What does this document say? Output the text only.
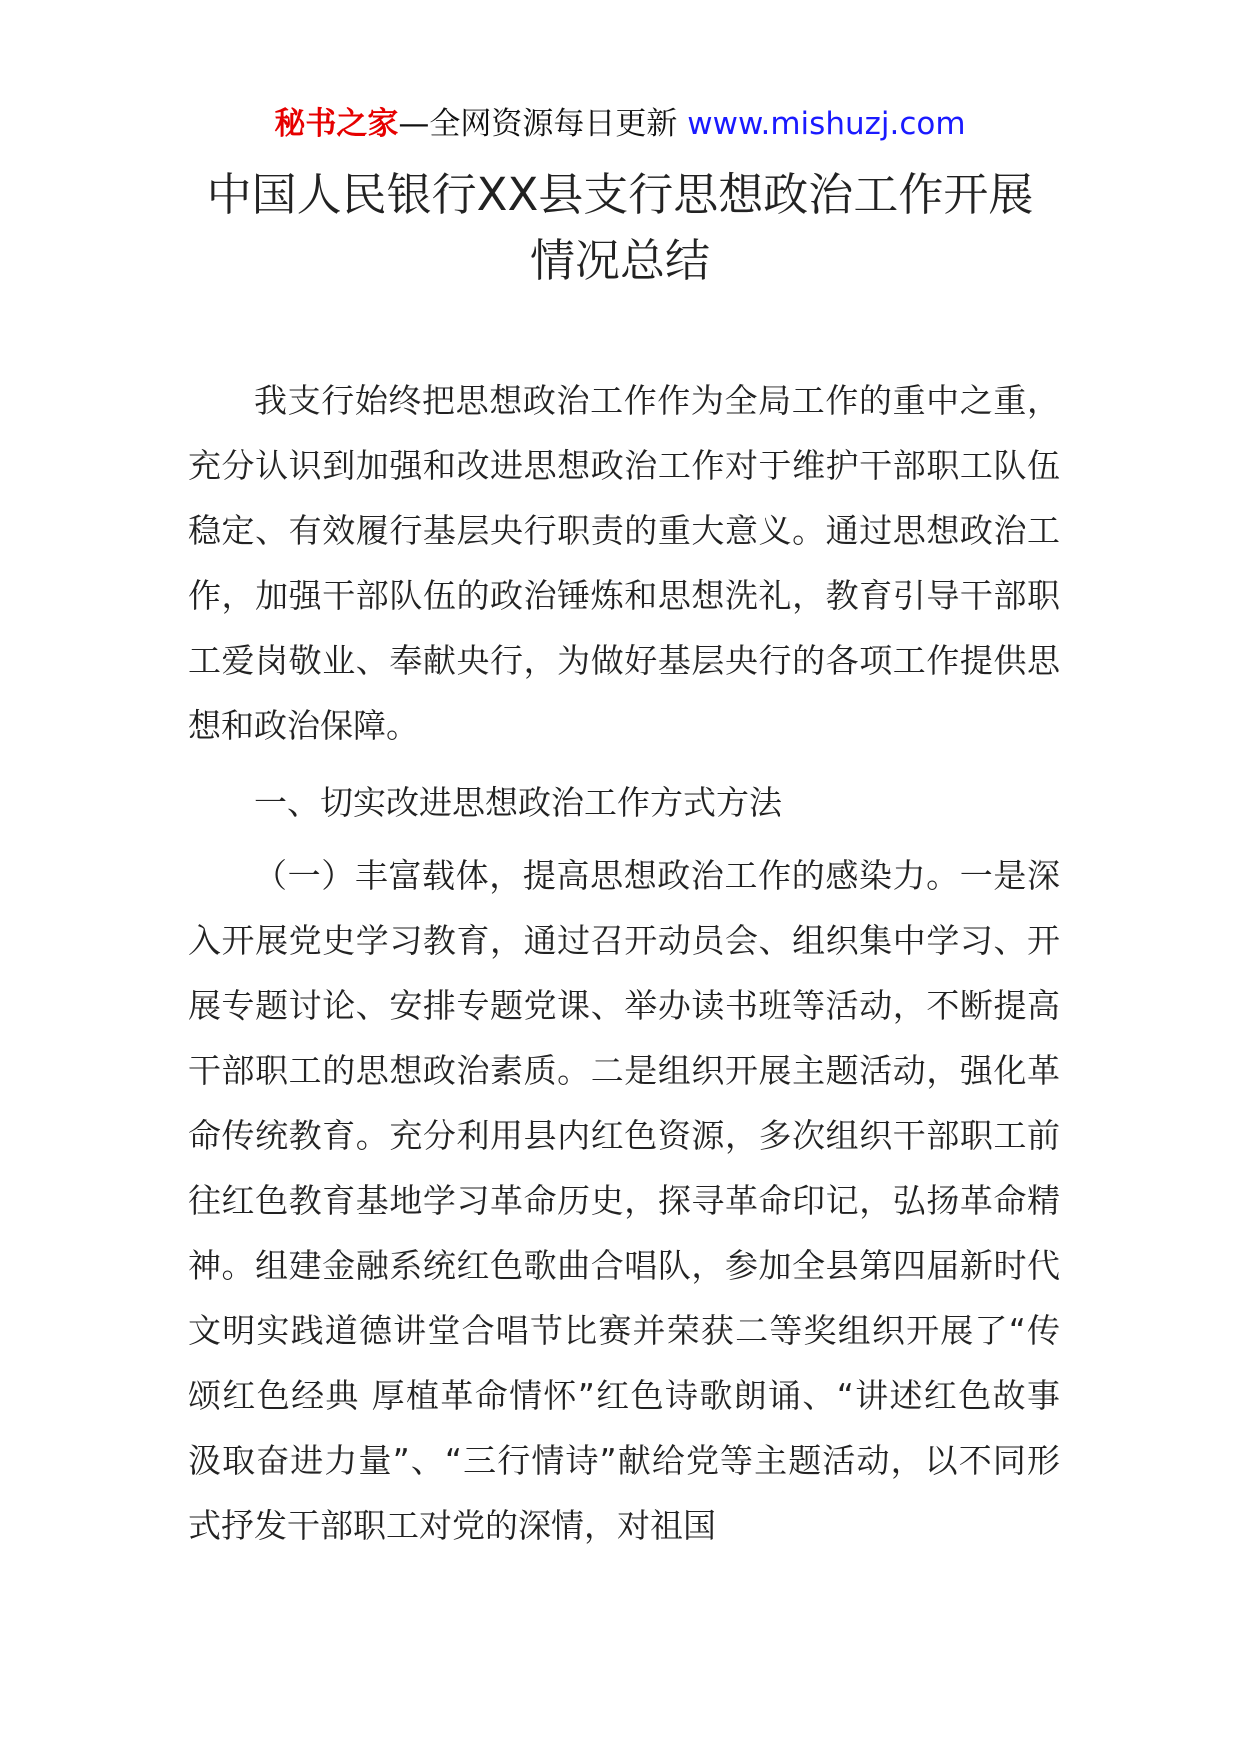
秘书之家—全网资源每日更新 www.mishuzj.com
中国人民银行XX县支行思想政治工作开展
情况总结

我支行始终把思想政治工作作为全局工作的重中之重，充分认识到加强和改进思想政治工作对于维护干部职工队伍稳定、有效履行基层央行职责的重大意义。通过思想政治工作，加强干部队伍的政治锤炼和思想洗礼，教育引导干部职工爱岗敬业、奉献央行，为做好基层央行的各项工作提供思想和政治保障。

一、切实改进思想政治工作方式方法

（一）丰富载体，提高思想政治工作的感染力。一是深入开展党史学习教育，通过召开动员会、组织集中学习、开展专题讨论、安排专题党课、举办读书班等活动，不断提高干部职工的思想政治素质。二是组织开展主题活动，强化革命传统教育。充分利用县内红色资源，多次组织干部职工前往红色教育基地学习革命历史，探寻革命印记，弘扬革命精神。组建金融系统红色歌曲合唱队，参加全县第四届新时代文明实践道德讲堂合唱节比赛并荣获二等奖组织开展了“传颂红色经典 厚植革命情怀”红色诗歌朗诵、“讲述红色故事 汲取奋进力量”、“三行情诗”献给党等主题活动，以不同形式抒发干部职工对党的深情，对祖国
